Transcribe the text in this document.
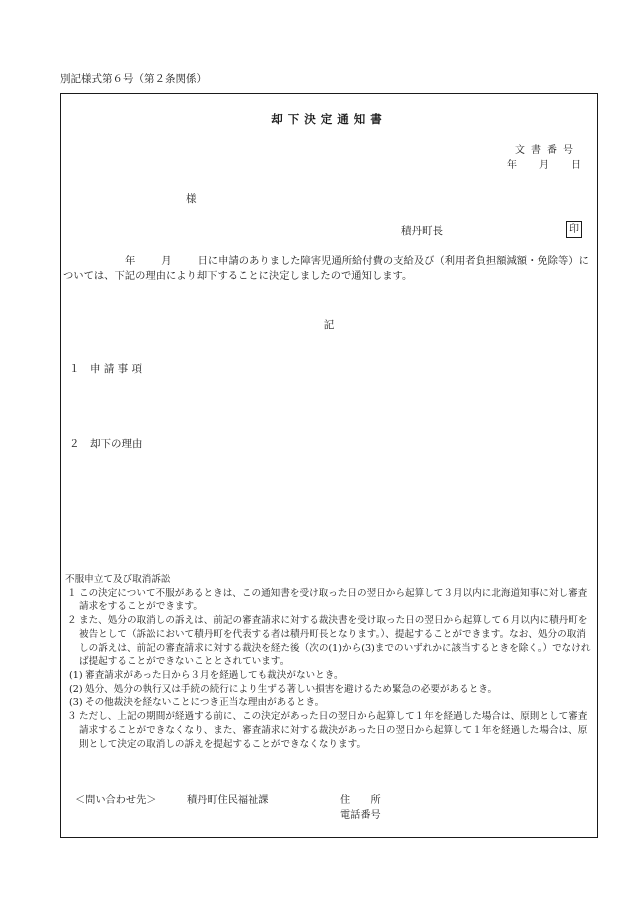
別記様式第６号（第２条関係）
却下決定通知書
文書番号
年 月 日
様
積丹町長	印
年	月	日に申請のありました障害児通所給付費の支給及び（利用者負担額減額・免除等）については、下記の理由により却下することに決定しましたので通知します。
記
１　申 請 事 項
２　却下の理由
不服申立て及び取消訴訟
１ この決定について不服があるときは、この通知書を受け取った日の翌日から起算して３月以内に北海道知事に対し審査請求をすることができます。
２ また、処分の取消しの訴えは、前記の審査請求に対する裁決書を受け取った日の翌日から起算して６月以内に積丹町を被告として（訴訟において積丹町を代表する者は積丹町長となります。）、提起することができます。なお、処分の取消しの訴えは、前記の審査請求に対する裁決を経た後（次の(1)から(3)までのいずれかに該当するときを除く。）でなければ提起することができないこととされています。
(1) 審査請求があった日から３月を経過しても裁決がないとき。
(2) 処分、処分の執行又は手続の続行により生ずる著しい損害を避けるため緊急の必要があるとき。
(3) その他裁決を経ないことにつき正当な理由があるとき。
３ ただし、上記の期間が経過する前に、この決定があった日の翌日から起算して１年を経過した場合は、原則として審査請求することができなくなり、また、審査請求に対する裁決があった日の翌日から起算して１年を経過した場合は、原則として決定の取消しの訴えを提起することができなくなります。
＜問い合わせ先＞	積丹町住民福祉課	住　　所
電話番号
